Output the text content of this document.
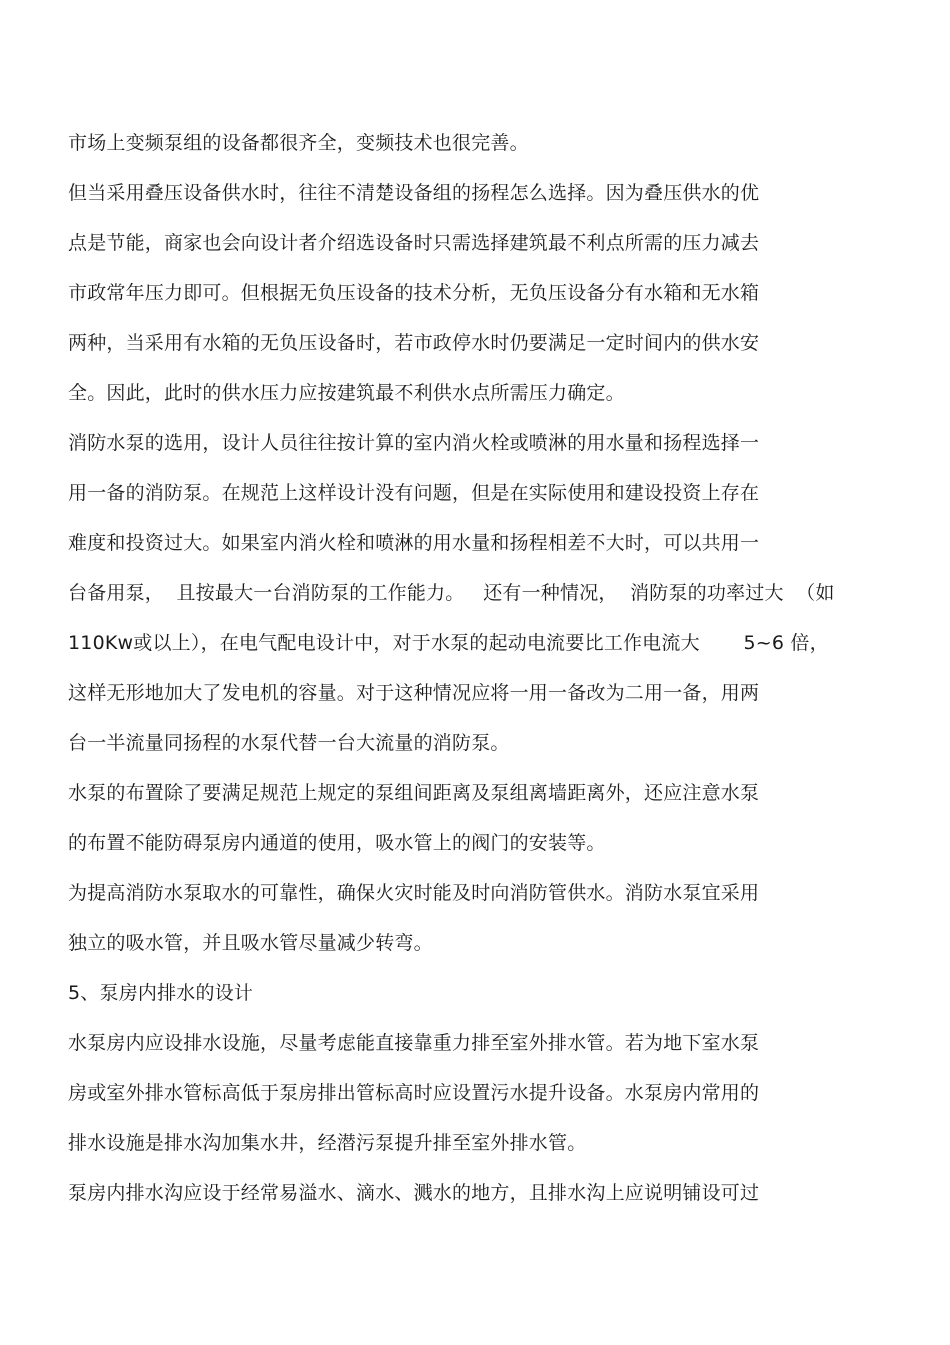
市场上变频泵组的设备都很齐全，变频技术也很完善。
但当采用叠压设备供水时，往往不清楚设备组的扬程怎么选择。因为叠压供水的优
点是节能，商家也会向设计者介绍选设备时只需选择建筑最不利点所需的压力减去
市政常年压力即可。但根据无负压设备的技术分析，无负压设备分有水箱和无水箱
两种，当采用有水箱的无负压设备时，若市政停水时仍要满足一定时间内的供水安
全。因此，此时的供水压力应按建筑最不利供水点所需压力确定。
消防水泵的选用，设计人员往往按计算的室内消火栓或喷淋的用水量和扬程选择一
用一备的消防泵。在规范上这样设计没有问题，但是在实际使用和建设投资上存在
难度和投资过大。如果室内消火栓和喷淋的用水量和扬程相差不大时，可以共用一
台备用泵，  且按最大一台消防泵的工作能力。   还有一种情况，  消防泵的功率过大  （如
110Kw或以上），在电气配电设计中，对于水泵的起动电流要比工作电流大       5~6 倍，
这样无形地加大了发电机的容量。对于这种情况应将一用一备改为二用一备，用两
台一半流量同扬程的水泵代替一台大流量的消防泵。
水泵的布置除了要满足规范上规定的泵组间距离及泵组离墙距离外，还应注意水泵
的布置不能防碍泵房内通道的使用，吸水管上的阀门的安装等。
为提高消防水泵取水的可靠性，确保火灾时能及时向消防管供水。消防水泵宜采用
独立的吸水管，并且吸水管尽量减少转弯。
5、泵房内排水的设计
水泵房内应设排水设施，尽量考虑能直接靠重力排至室外排水管。若为地下室水泵
房或室外排水管标高低于泵房排出管标高时应设置污水提升设备。水泵房内常用的
排水设施是排水沟加集水井，经潜污泵提升排至室外排水管。
泵房内排水沟应设于经常易溢水、滴水、溅水的地方，且排水沟上应说明铺设可过
